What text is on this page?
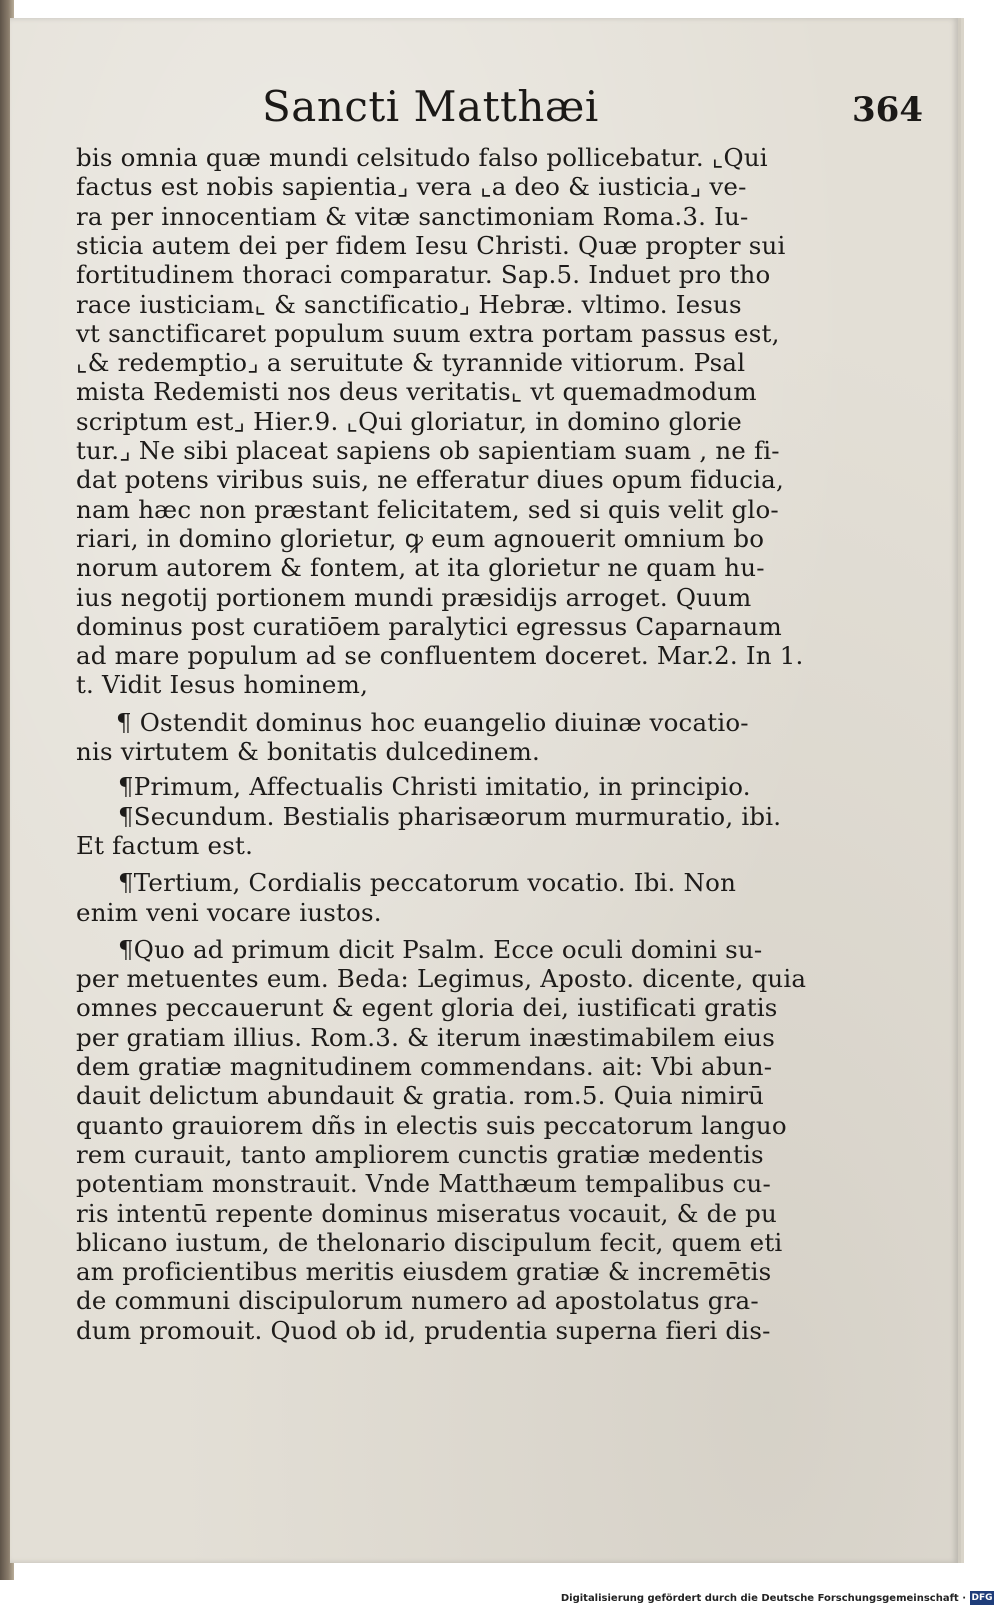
Sancti Matthæi	364
bis omnia quæ mundi celsitudo falso pollicebatur. ⌞Qui
factus est nobis sapientia⌟ vera ⌞a deo & iusticia⌟ ve-
ra per innocentiam & vitæ sanctimoniam Roma.3. Iu-
sticia autem dei per fidem Iesu Christi. Quæ propter sui
fortitudinem thoraci comparatur. Sap.5. Induet pro tho
race iusticiam⌞ & sanctificatio⌟ Hebræ. vltimo. Iesus
vt sanctificaret populum suum extra portam passus est,
⌞& redemptio⌟ a seruitute & tyrannide vitiorum. Psal
mista Redemisti nos deus veritatis⌞ vt quemadmodum
scriptum est⌟ Hier.9. ⌞Qui gloriatur, in domino glorie
tur.⌟ Ne sibi placeat sapiens ob sapientiam suam , ne fi-
dat potens viribus suis, ne efferatur diues opum fiducia,
nam hæc non præstant felicitatem, sed si quis velit glo-
riari, in domino glorietur, ꝙ eum agnouerit omnium bo
norum autorem & fontem, at ita glorietur ne quam hu-
ius negotij portionem mundi præsidijs arroget. Quum
dominus post curatiōem paralytici egressus Caparnaum
ad mare populum ad se confluentem doceret. Mar.2. In 1.
t. Vidit Iesus hominem,
¶ Ostendit dominus hoc euangelio diuinæ vocatio-
nis virtutem & bonitatis dulcedinem.
¶Primum, Affectualis Christi imitatio, in principio.
¶Secundum. Bestialis pharisæorum murmuratio, ibi.
Et factum est.
¶Tertium, Cordialis peccatorum vocatio. Ibi. Non
enim veni vocare iustos.
¶Quo ad primum dicit Psalm. Ecce oculi domini su-
per metuentes eum. Beda: Legimus, Aposto. dicente, quia
omnes peccauerunt & egent gloria dei, iustificati gratis
per gratiam illius. Rom.3. & iterum inæstimabilem eius
dem gratiæ magnitudinem commendans. ait: Vbi abun-
dauit delictum abundauit & gratia. rom.5. Quia nimirū
quanto grauiorem dñs in electis suis peccatorum languo
rem curauit, tanto ampliorem cunctis gratiæ medentis
potentiam monstrauit. Vnde Matthæum tempalibus cu-
ris intentū repente dominus miseratus vocauit, & de pu
blicano iustum, de thelonario discipulum fecit, quem eti
am proficientibus meritis eiusdem gratiæ & incremētis
de communi discipulorum numero ad apostolatus gra-
dum promouit. Quod ob id, prudentia superna fieri dis-
Digitalisierung gefördert durch die Deutsche Forschungsgemeinschaft · DFG
